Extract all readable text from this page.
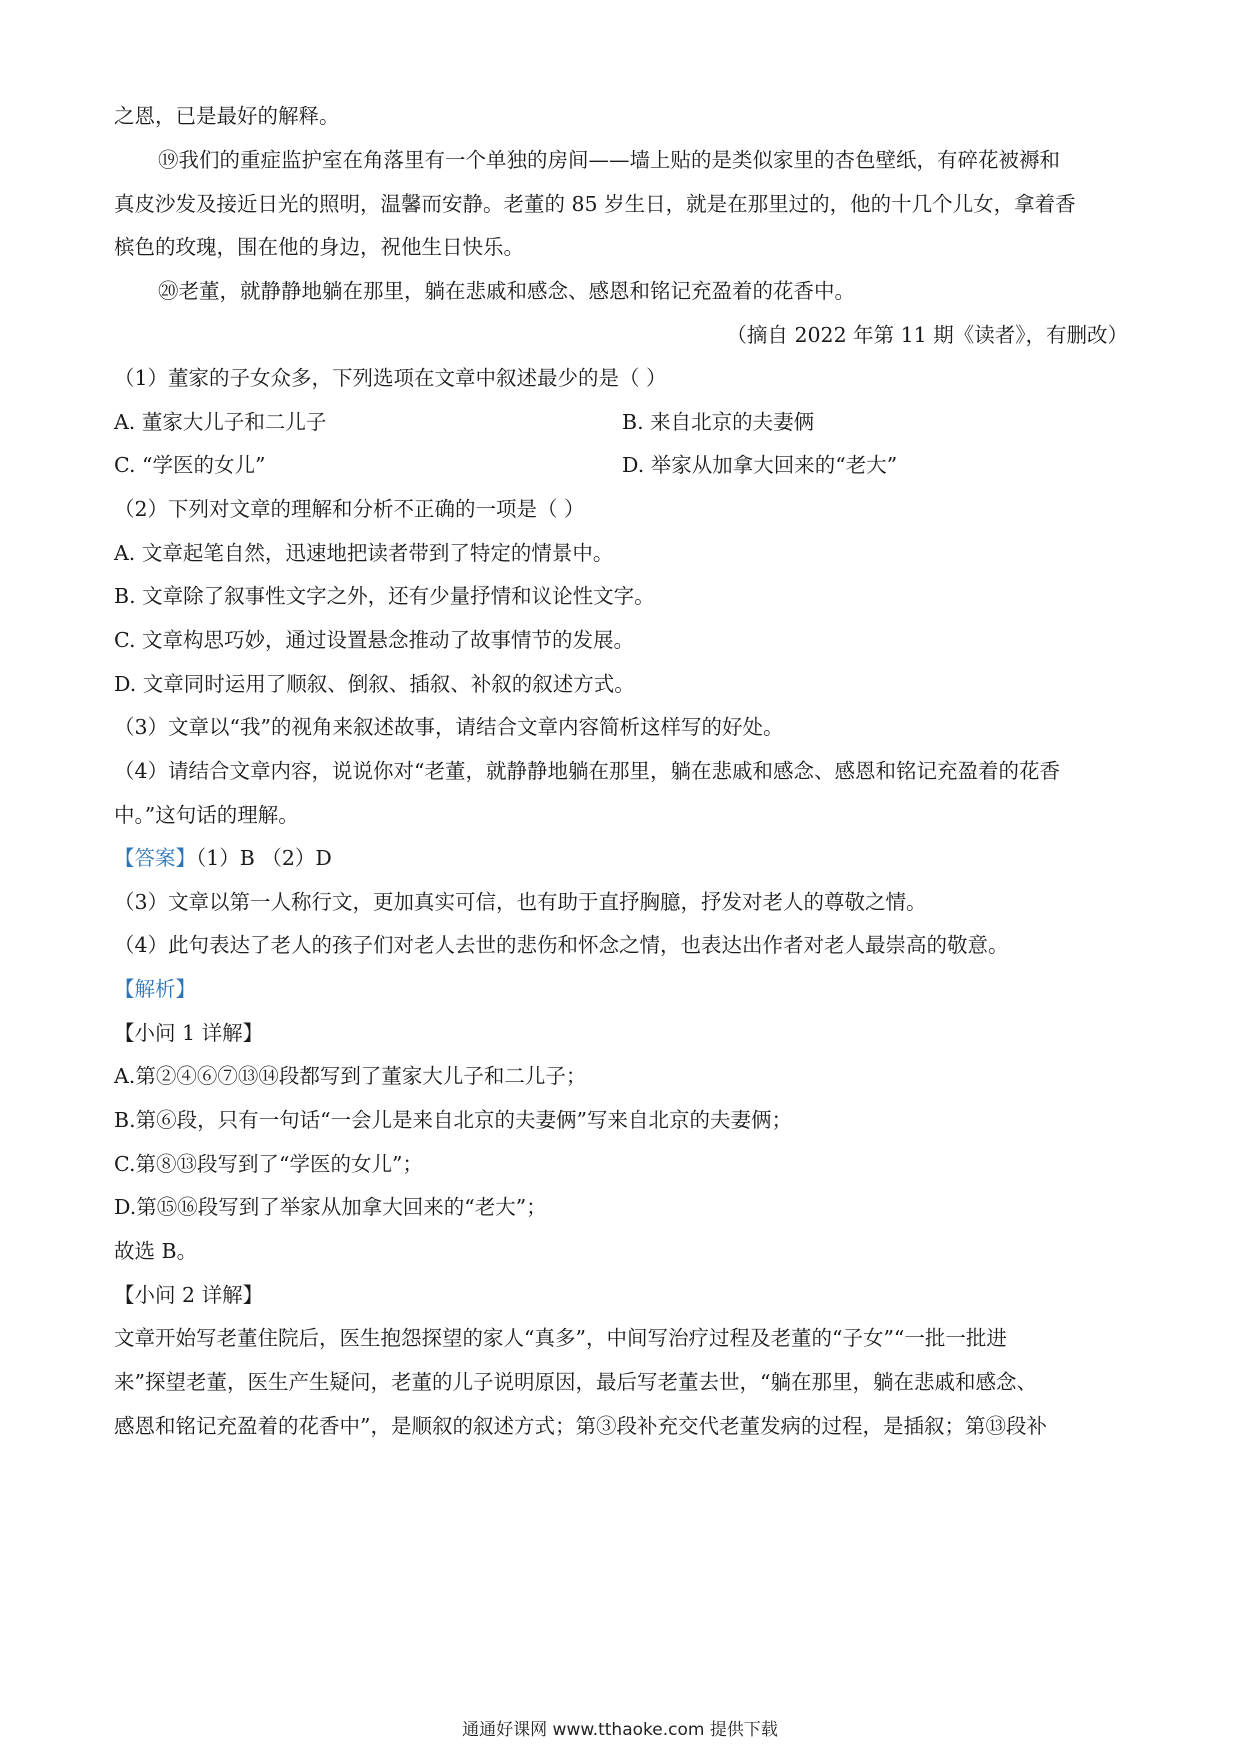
之恩，已是最好的解释。
⑲我们的重症监护室在角落里有一个单独的房间——墙上贴的是类似家里的杏色壁纸，有碎花被褥和
真皮沙发及接近日光的照明，温馨而安静。老董的 85 岁生日，就是在那里过的，他的十几个儿女，拿着香
槟色的玫瑰，围在他的身边，祝他生日快乐。
⑳老董，就静静地躺在那里，躺在悲戚和感念、感恩和铭记充盈着的花香中。
（摘自 2022 年第 11 期《读者》，有删改）
（1）董家的子女众多，下列选项在文章中叙述最少的是（ ）
A. 董家大儿子和二儿子	B. 来自北京的夫妻俩
C. “学医的女儿”	D. 举家从加拿大回来的“老大”
（2）下列对文章的理解和分析不正确的一项是（ ）
A. 文章起笔自然，迅速地把读者带到了特定的情景中。
B. 文章除了叙事性文字之外，还有少量抒情和议论性文字。
C. 文章构思巧妙，通过设置悬念推动了故事情节的发展。
D. 文章同时运用了顺叙、倒叙、插叙、补叙的叙述方式。
（3）文章以“我”的视角来叙述故事，请结合文章内容简析这样写的好处。
（4）请结合文章内容，说说你对“老董，就静静地躺在那里，躺在悲戚和感念、感恩和铭记充盈着的花香
中。”这句话的理解。
【答案】（1）B （2）D
（3）文章以第一人称行文，更加真实可信，也有助于直抒胸臆，抒发对老人的尊敬之情。
（4）此句表达了老人的孩子们对老人去世的悲伤和怀念之情，也表达出作者对老人最崇高的敬意。
【解析】
【小问 1 详解】
A.第②④⑥⑦⑬⑭段都写到了董家大儿子和二儿子；
B.第⑥段，只有一句话“一会儿是来自北京的夫妻俩”写来自北京的夫妻俩；
C.第⑧⑬段写到了“学医的女儿”；
D.第⑮⑯段写到了举家从加拿大回来的“老大”；
故选 B。
【小问 2 详解】
文章开始写老董住院后，医生抱怨探望的家人“真多”，中间写治疗过程及老董的“子女”“一批一批进
来”探望老董，医生产生疑问，老董的儿子说明原因，最后写老董去世，“躺在那里，躺在悲戚和感念、
感恩和铭记充盈着的花香中”，是顺叙的叙述方式；第③段补充交代老董发病的过程，是插叙；第⑬段补
通通好课网 www.tthaoke.com 提供下载
